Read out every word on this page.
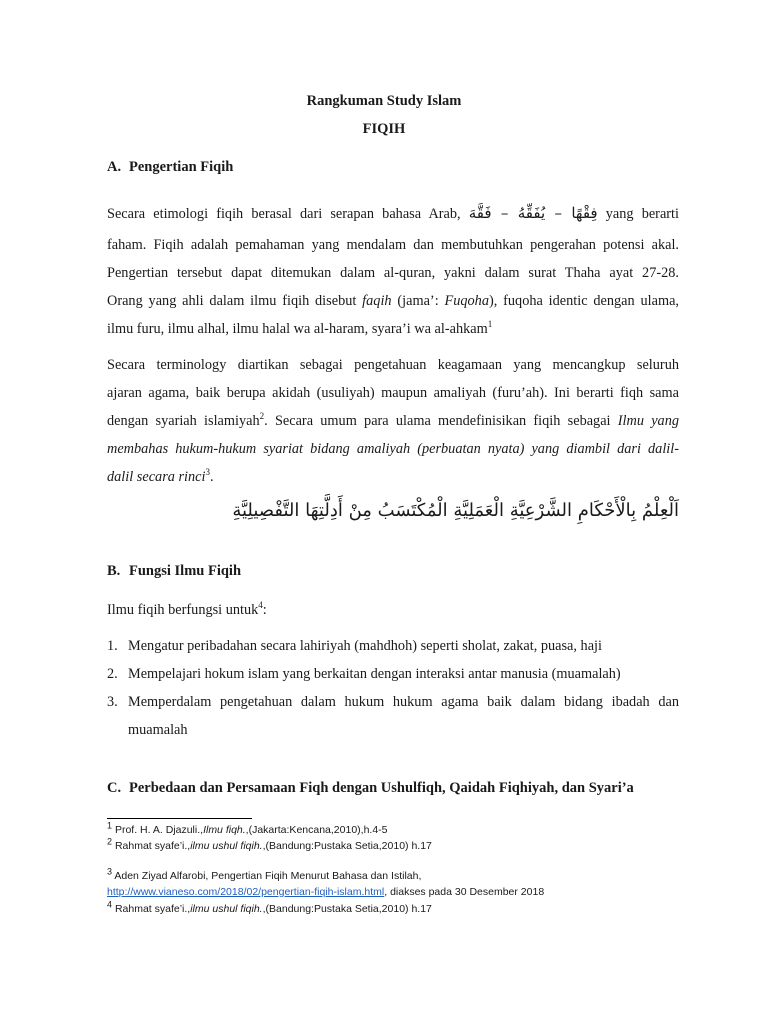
Rangkuman Study Islam
FIQIH
A. Pengertian Fiqih
Secara etimologi fiqih berasal dari serapan bahasa Arab, فِقْهًا – يُفَقِّهُ – فَقَّهَ yang berarti
faham. Fiqih adalah pemahaman yang mendalam dan membutuhkan pengerahan potensi akal.
Pengertian tersebut dapat ditemukan dalam al-quran, yakni dalam surat Thaha ayat 27-28.
Orang yang ahli dalam ilmu fiqih disebut faqih (jama’: Fuqoha), fuqoha identic dengan ulama,
ilmu furu, ilmu alhal, ilmu halal wa al-haram, syara’i wa al-ahkam$^1$
Secara terminology diartikan sebagai pengetahuan keagamaan yang mencangkup seluruh
ajaran agama, baik berupa akidah (usuliyah) maupun amaliyah (furu’ah). Ini berarti fiqh sama
dengan syariah islamiyah$^2$. Secara umum para ulama mendefinisikan fiqih sebagai Ilmu yang
membahas hukum-hukum syariat bidang amaliyah (perbuatan nyata) yang diambil dari dalil-
dalil secara rinci$^3$.
اَلْعِلْمُ بِالْأَحْكَامِ الشَّرْعِيَّةِ الْعَمَلِيَّةِ الْمُكْتَسَبُ مِنْ أَدِلَّتِهَا التَّفْصِيلِيَّةِ
B. Fungsi Ilmu Fiqih
Ilmu fiqih berfungsi untuk$^4$:
1. Mengatur peribadahan secara lahiriyah (mahdhoh) seperti sholat, zakat, puasa, haji
2. Mempelajari hokum islam yang berkaitan dengan interaksi antar manusia (muamalah)
3. Memperdalam pengetahuan dalam hukum hukum agama baik dalam bidang ibadah dan
muamalah
C. Perbedaan dan Persamaan Fiqh dengan Ushulfiqh, Qaidah Fiqhiyah, dan Syari’a
$^1$ Prof. H. A. Djazuli.,Ilmu fiqh.,(Jakarta:Kencana,2010),h.4-5
$^2$ Rahmat syafe’i.,ilmu ushul fiqih.,(Bandung:Pustaka Setia,2010) h.17
$^3$ Aden Ziyad Alfarobi, Pengertian Fiqih Menurut Bahasa dan Istilah,
http://www.vianeso.com/2018/02/pengertian-fiqih-islam.html, diakses pada 30 Desember 2018
$^4$ Rahmat syafe’i.,ilmu ushul fiqih.,(Bandung:Pustaka Setia,2010) h.17
